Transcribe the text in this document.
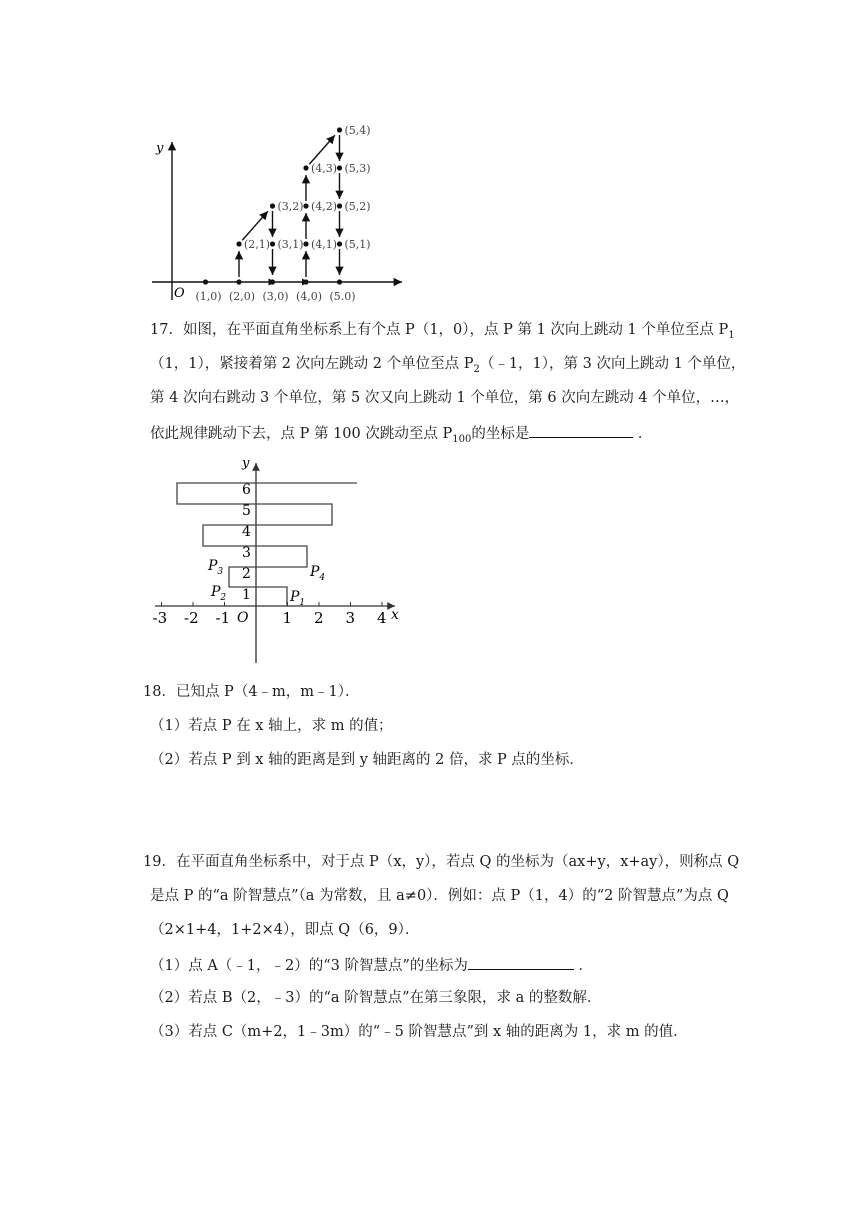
y
O (1,0) (2,0) (3,0) (4,0) (5.0)
(2,1) (3,1) (4,1) (5,1)
(3,2) (4,2) (5,2)
(4,3) (5,3)
(5,4)
17．如图，在平面直角坐标系上有个点 P（1，0），点 P 第 1 次向上跳动 1 个单位至点 $P_1$
（1，1），紧接着第 2 次向左跳动 2 个单位至点 $P_2(﹣1$，1），第 3 次向上跳动 1 个单位，
第 4 次向右跳动 3 个单位，第 5 次又向上跳动 1 个单位，第 6 次向左跳动 4 个单位，…，
依此规律跳动下去，点 P 第 100 次跳动至点 $P_{100}$的坐标是	．
x
y
O
-3 -2 -1	1 2 3 4
1
2
3
4
5
6
$P_3$	$P_4$
$P_2$	$P_1$
18．已知点 P（4﹣m，m﹣1）．
（1）若点 P 在 x 轴上，求 m 的值；
（2）若点 P 到 x 轴的距离是到 y 轴距离的 2 倍，求 P 点的坐标．
19．在平面直角坐标系中，对于点 P（x，y），若点 Q 的坐标为（ax+y，x+ay），则称点 Q
是点 P 的“a 阶智慧点”（a 为常数，且 a≠0）．例如：点 P（1，4）的“2 阶智慧点”为点 Q
（2×1+4，1+2×4），即点 Q（6，9）．
（1）点 A（﹣1，﹣2）的“3 阶智慧点”的坐标为	．
（2）若点 B（2，﹣3）的“a 阶智慧点”在第三象限，求 a 的整数解．
（3）若点 C（m+2，1﹣3m）的“﹣5 阶智慧点”到 x 轴的距离为 1，求 m 的值．
